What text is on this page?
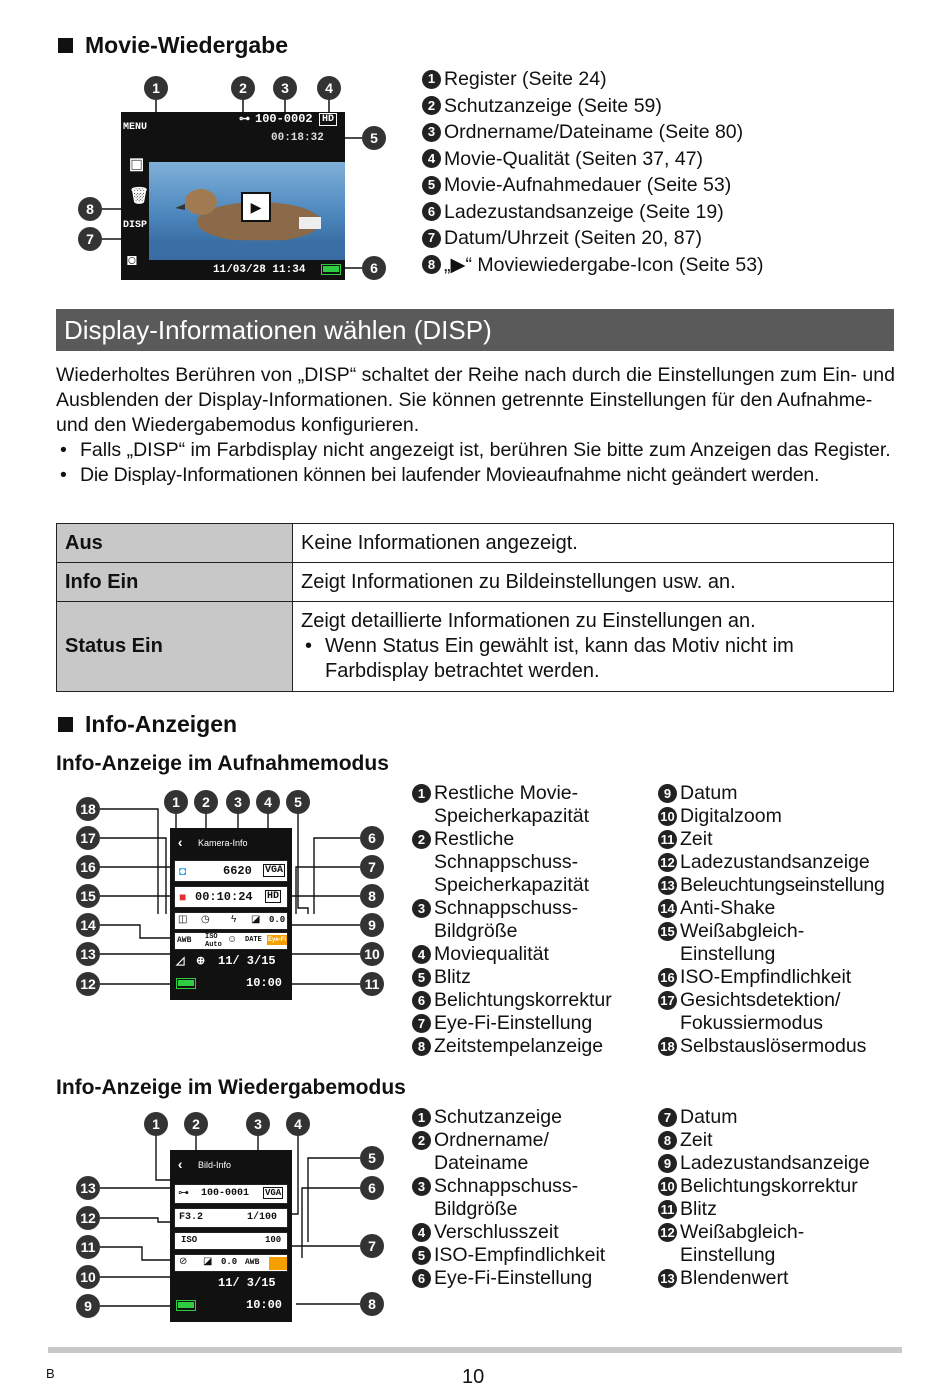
Movie-Wiedergabe
MENU
DISP
▣
🗑
◙
⊶ 100-0002 HD
00:18:32
▶
11/03/28 11:34
1	2	3	4
5
6
7
8
1 Register (Seite 24)
2 Schutzanzeige (Seite 59)
3 Ordnername/Dateiname (Seite 80)
4 Movie-Qualität (Seiten 37, 47)
5 Movie-Aufnahmedauer (Seite 53)
6 Ladezustandsanzeige (Seite 19)
7 Datum/Uhrzeit (Seiten 20, 87)
8 „▶“ Moviewiedergabe-Icon (Seite 53)
Display-Informationen wählen (DISP)
Wiederholtes Berühren von „DISP“ schaltet der Reihe nach durch die Einstellungen zum Ein- und Ausblenden der Display-Informationen. Sie können getrennte Einstellungen für den Aufnahme- und den Wiedergabemodus konfigurieren.
• Falls „DISP“ im Farbdisplay nicht angezeigt ist, berühren Sie bitte zum Anzeigen das Register.
• Die Display-Informationen können bei laufender Movieaufnahme nicht geändert werden.
Aus	Keine Informationen angezeigt.
Info Ein	Zeigt Informationen zu Bildeinstellungen usw. an.
Status Ein	Zeigt detaillierte Informationen zu Einstellungen an.
• Wenn Status Ein gewählt ist, kann das Motiv nicht im Farbdisplay betrachtet werden.
Info-Anzeigen
Info-Anzeige im Aufnahmemodus
‹ Kamera-Info
◘	6620 VGA
■ 00:10:24 HD
◫ ◷ ϟ ◪ 0.0
AWB ISO Auto ☺ DATE Eye-Fi
◿ ⊕ 11/ 3/15
10:00
1	2	3	4	5
6
7
8
9
10
11
12
13
14
15
16
17
18
1 Restliche Movie-
Speicherkapazität
2 Restliche
Schnappschuss-
Speicherkapazität
3 Schnappschuss-
Bildgröße
4 Moviequalität
5 Blitz
6 Belichtungskorrektur
7 Eye-Fi-Einstellung
8 Zeitstempelanzeige
9 Datum
10 Digitalzoom
11 Zeit
12 Ladezustandsanzeige
13 Beleuchtungseinstellung
14 Anti-Shake
15 Weißabgleich-
Einstellung
16 ISO-Empfindlichkeit
17 Gesichtsdetektion/
Fokussiermodus
18 Selbstauslösermodus
Info-Anzeige im Wiedergabemodus
‹ Bild-Info
⊶ 100-0001 VGA
F3.2	1/100
ISO	100
⊘ ◪ 0.0 AWB
11/ 3/15
10:00
1	2	3	4
5
6
7
8
9
10
11
12
13
1 Schutzanzeige
2 Ordnername/
Dateiname
3 Schnappschuss-
Bildgröße
4 Verschlusszeit
5 ISO-Empfindlichkeit
6 Eye-Fi-Einstellung
7 Datum
8 Zeit
9 Ladezustandsanzeige
10 Belichtungskorrektur
11 Blitz
12 Weißabgleich-
Einstellung
13 Blendenwert
B	10
